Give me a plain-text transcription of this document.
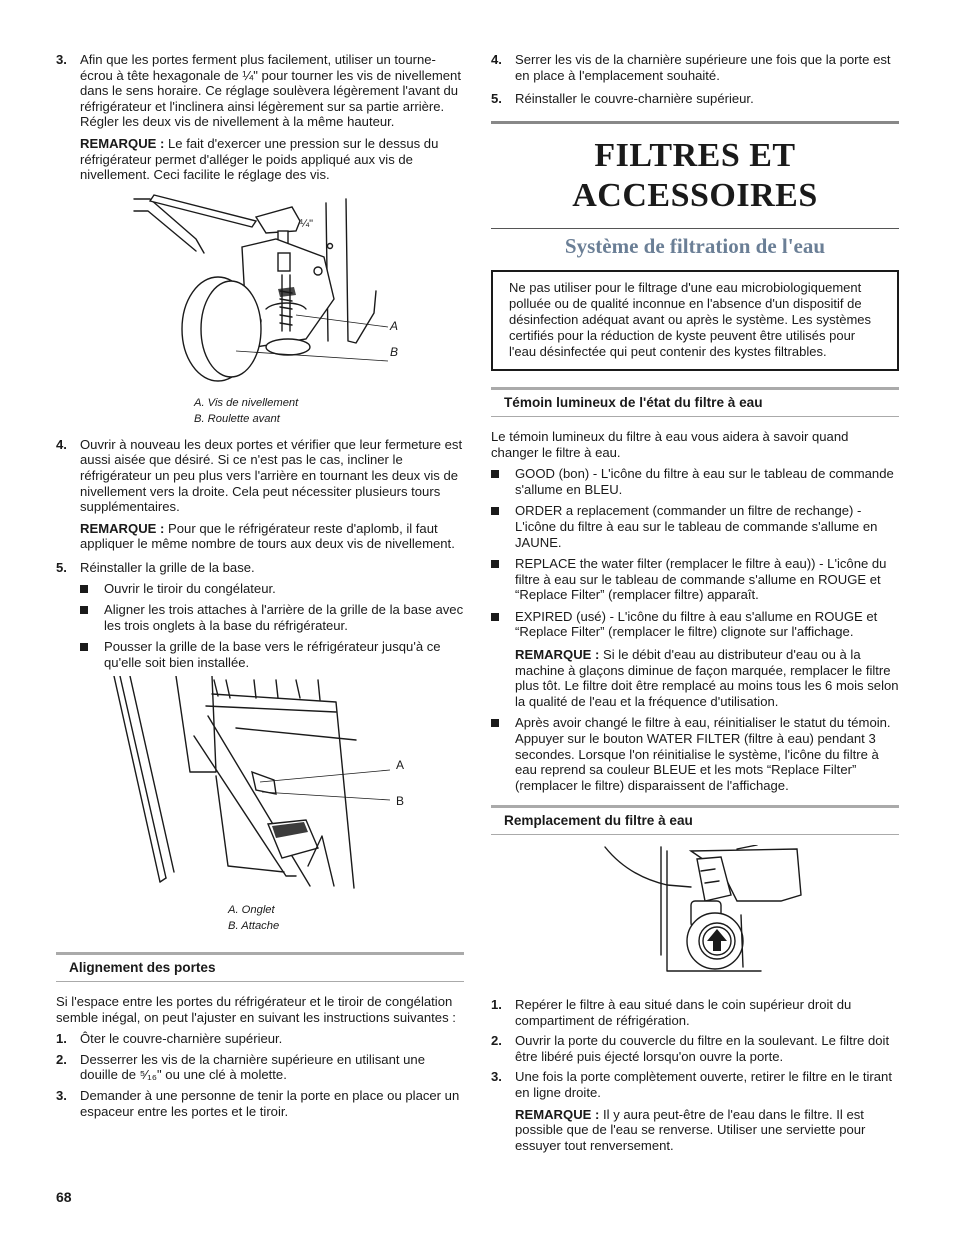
3. Afin que les portes ferment plus facilement, utiliser un tourne-écrou à tête hexagonale de ¼" pour tourner les vis de nivellement dans le sens horaire. Ce réglage soulèvera légèrement l'avant du réfrigérateur et l'inclinera ainsi légèrement sur sa partie arrière. Régler les deux vis de nivellement à la même hauteur.

REMARQUE : Le fait d'exercer une pression sur le dessus du réfrigérateur permet d'alléger le poids appliqué aux vis de nivellement. Ceci facilite le réglage des vis.

¼"
A
B
A. Vis de nivellement
B. Roulette avant
4. Ouvrir à nouveau les deux portes et vérifier que leur fermeture est aussi aisée que désiré. Si ce n'est pas le cas, incliner le réfrigérateur un peu plus vers l'arrière en tournant les deux vis de nivellement vers la droite. Cela peut nécessiter plusieurs tours supplémentaires.

REMARQUE : Pour que le réfrigérateur reste d'aplomb, il faut appliquer le même nombre de tours aux deux vis de nivellement.

5. Réinstaller la grille de la base.

Ouvrir le tiroir du congélateur.
Aligner les trois attaches à l'arrière de la grille de la base avec les trois onglets à la base du réfrigérateur.
Pousser la grille de la base vers le réfrigérateur jusqu'à ce qu'elle soit bien installée.
A
B
A. Onglet
B. Attache
Alignement des portes

Si l'espace entre les portes du réfrigérateur et le tiroir de congélation semble inégal, on peut l'ajuster en suivant les instructions suivantes :

1. Ôter le couvre-charnière supérieur.

2. Desserrer les vis de la charnière supérieure en utilisant une douille de ⁵⁄₁₆" ou une clé à molette.

3. Demander à une personne de tenir la porte en place ou placer un espaceur entre les portes et le tiroir.

4. Serrer les vis de la charnière supérieure une fois que la porte est en place à l'emplacement souhaité.

5. Réinstaller le couvre-charnière supérieur.

FILTRES ET ACCESSOIRES
Système de filtration de l'eau
Ne pas utiliser pour le filtrage d'une eau microbiologiquement polluée ou de qualité inconnue en l'absence d'un dispositif de désinfection adéquat avant ou après le système. Les systèmes certifiés pour la réduction de kyste peuvent être utilisés pour l'eau désinfectée qui peut contenir des kystes filtrables.
Témoin lumineux de l'état du filtre à eau

Le témoin lumineux du filtre à eau vous aidera à savoir quand changer le filtre à eau.

GOOD (bon) - L'icône du filtre à eau sur le tableau de commande s'allume en BLEU.
ORDER a replacement (commander un filtre de rechange) - L'icône du filtre à eau sur le tableau de commande s'allume en JAUNE.
REPLACE the water filter (remplacer le filtre à eau)) - L'icône du filtre à eau sur le tableau de commande s'allume en ROUGE et “Replace Filter” (remplacer filtre) apparaît.
EXPIRED (usé) - L'icône du filtre à eau s'allume en ROUGE et “Replace Filter” (remplacer le filtre) clignote sur l'affichage.

REMARQUE : Si le débit d'eau au distributeur d'eau ou à la machine à glaçons diminue de façon marquée, remplacer le filtre plus tôt. Le filtre doit être remplacé au moins tous les 6 mois selon la qualité de l'eau et la fréquence d'utilisation.

Après avoir changé le filtre à eau, réinitialiser le statut du témoin. Appuyer sur le bouton WATER FILTER (filtre à eau) pendant 3 secondes. Lorsque l'on réinitialise le système, l'icône du filtre à eau reprend sa couleur BLEUE et les mots “Replace Filter” (remplacer le filtre) disparaissent de l'affichage.
Remplacement du filtre à eau
1. Repérer le filtre à eau situé dans le coin supérieur droit du compartiment de réfrigération.

2. Ouvrir la porte du couvercle du filtre en la soulevant. Le filtre doit être libéré puis éjecté lorsqu'on ouvre la porte.

3. Une fois la porte complètement ouverte, retirer le filtre en le tirant en ligne droite.

REMARQUE : Il y aura peut-être de l'eau dans le filtre. Il est possible que de l'eau se renverse. Utiliser une serviette pour essuyer tout renversement.

68
